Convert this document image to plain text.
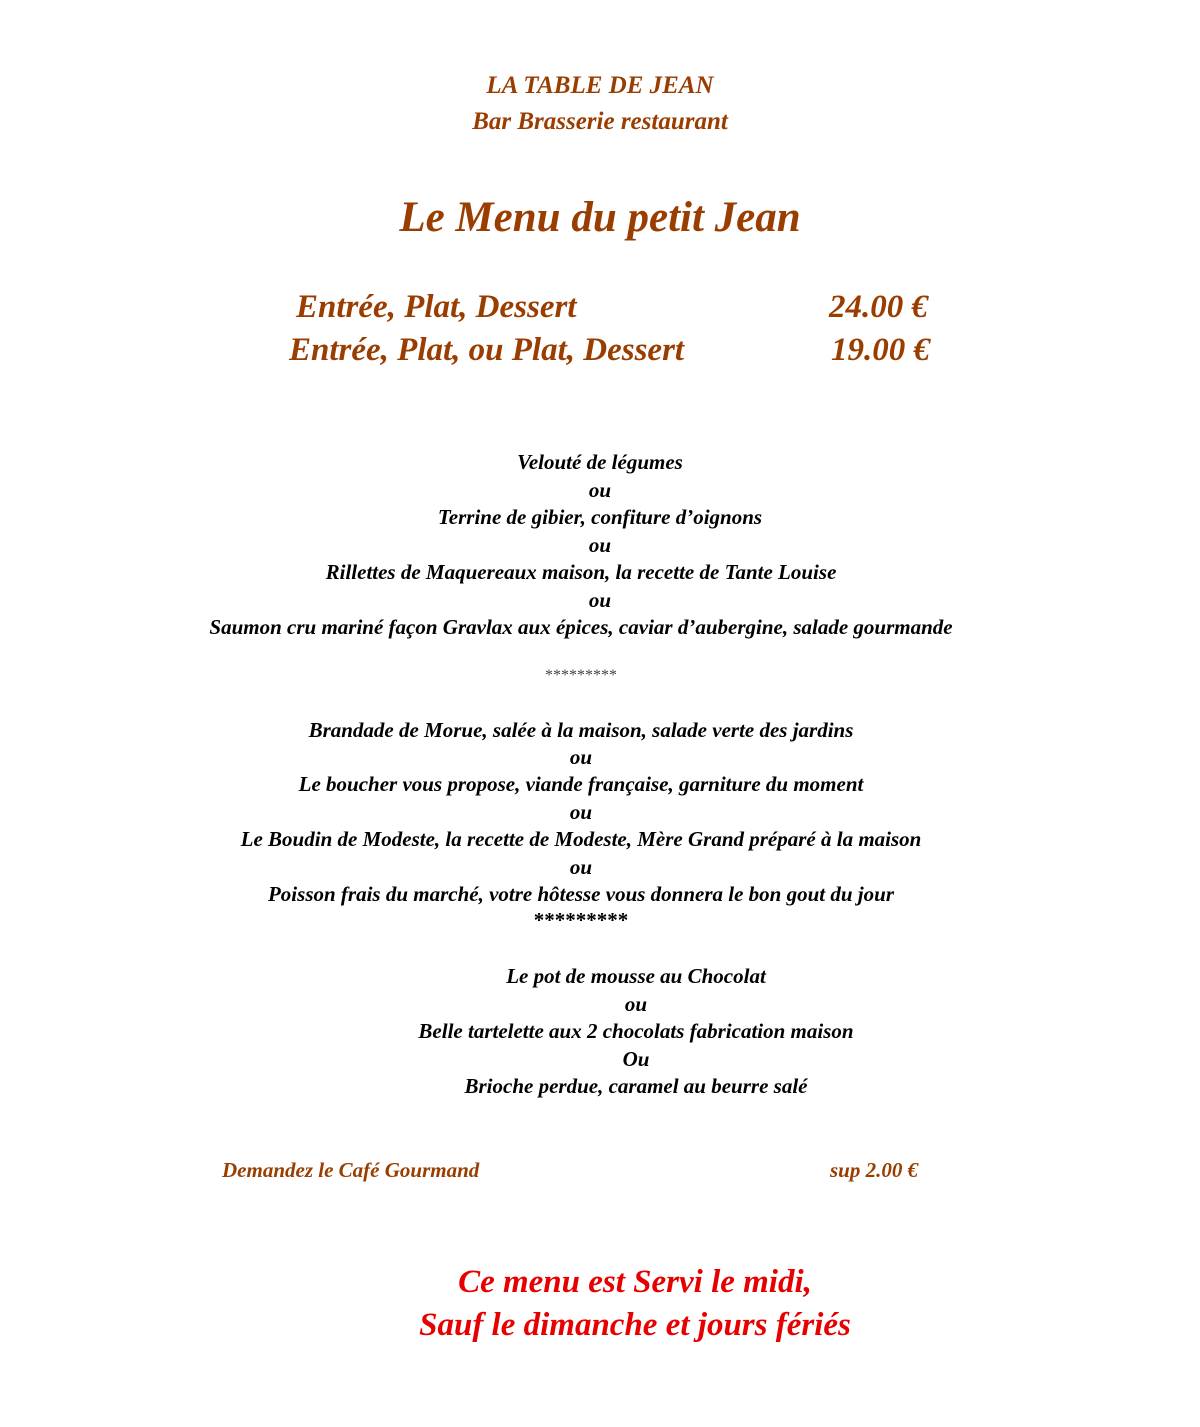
LA TABLE DE JEAN
Bar Brasserie restaurant
Le Menu du petit Jean
Entrée, Plat, Dessert	24.00 €
Entrée, Plat, ou Plat, Dessert	19.00 €
Velouté de légumes
ou
Terrine de gibier, confiture d’oignons
ou
Rillettes de Maquereaux maison, la recette de Tante Louise
ou
Saumon cru mariné façon Gravlax aux épices, caviar d’aubergine, salade gourmande
*********
Brandade de Morue, salée à la maison, salade verte des jardins
ou
Le boucher vous propose, viande française, garniture du moment
ou
Le Boudin de Modeste, la recette de Modeste, Mère Grand préparé à la maison
ou
Poisson frais du marché, votre hôtesse vous donnera le bon gout du jour
*********
Le pot de mousse au Chocolat
ou
Belle tartelette aux 2 chocolats fabrication maison
Ou
Brioche perdue, caramel au beurre salé
Demandez le Café Gourmand	sup 2.00 €
Ce menu est Servi le midi,
Sauf le dimanche et jours fériés
